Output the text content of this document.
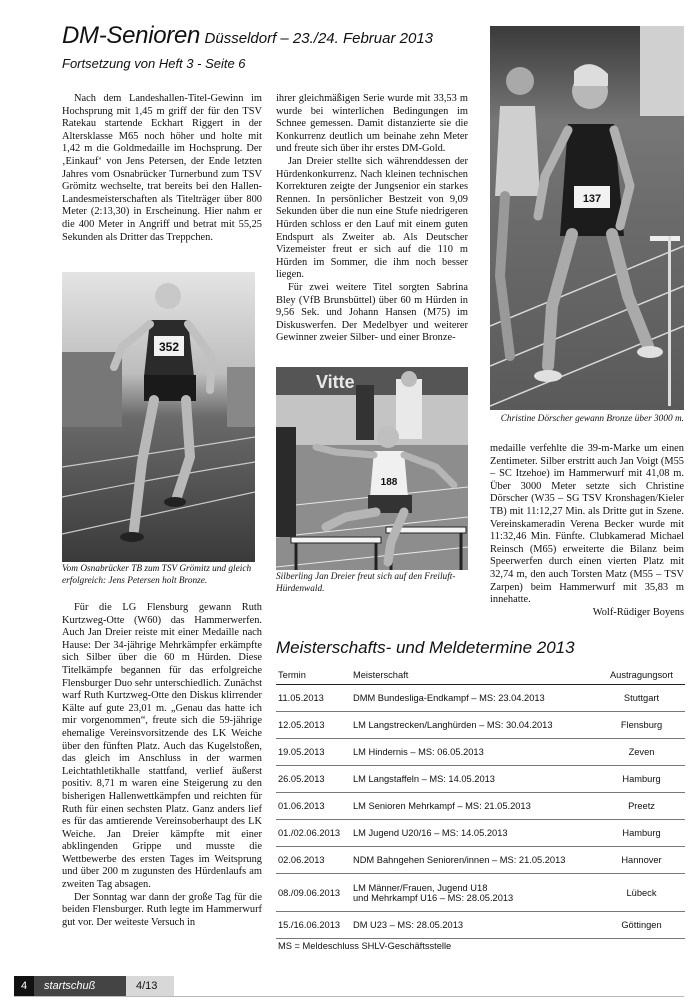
DM-Senioren Düsseldorf – 23./24. Februar 2013
Fortsetzung von Heft 3 - Seite 6

Nach dem Landeshallen-Titel-Gewinn im Hochsprung mit 1,45 m griff der für den TSV Ratekau startende Eckhart Riggert in der Altersklasse M65 noch höher und holte mit 1,42 m die Goldmedaille im Hochsprung. Der ‚Einkauf‘ von Jens Petersen, der Ende letzten Jahres vom Osnabrücker Turnerbund zum TSV Grömitz wechselte, trat bereits bei den Hallen-Landesmeisterschaften als Titelträger über 800 Meter (2:13,30) in Erscheinung. Hier nahm er die 400 Meter in Angriff und betrat mit 55,25 Sekunden als Dritter das Treppchen.

352
Vom Osnabrücker TB zum TSV Grömitz und gleich erfolgreich: Jens Petersen holt Bronze.

Für die LG Flensburg gewann Ruth Kurtzweg-Otte (W60) das Hammerwerfen. Auch Jan Dreier reiste mit einer Medaille nach Hause: Der 34-jährige Mehrkämpfer erkämpfte sich Silber über die 60 m Hürden. Diese Titelkämpfe begannen für das erfolgreiche Flensburger Duo sehr unterschiedlich. Zunächst warf Ruth Kurtzweg-Otte den Diskus klirrender Kälte auf gute 23,01 m. „Genau das hatte ich mir vorgenommen“, freute sich die 59-jährige ehemalige Vereinsvorsitzende des LK Weiche über den fünften Platz. Auch das Kugelstoßen, das gleich im Anschluss in der warmen Leichtathletikhalle stattfand, verlief äußerst positiv. 8,71 m waren eine Steigerung zu den bisherigen Hallenwettkämpfen und reichten für Ruth für einen sechsten Platz. Ganz anders lief es für das amtierende Vereinsoberhaupt des LK Weiche. Jan Dreier kämpfte mit einer abklingenden Grippe und musste die Wettbewerbe des ersten Tages im Weitsprung und über 200 m zugunsten des Hürdenlaufs am zweiten Tag absagen.

Der Sonntag war dann der große Tag für die beiden Flensburger. Ruth legte im Hammerwurf gut vor. Der weiteste Versuch in

ihrer gleichmäßigen Serie wurde mit 33,53 m wurde bei winterlichen Bedingungen im Schnee gemessen. Damit distanzierte sie die Konkurrenz deutlich um beinahe zehn Meter und freute sich über ihr erstes DM-Gold.

Jan Dreier stellte sich währenddessen der Hürdenkonkurrenz. Nach kleinen technischen Korrekturen zeigte der Jungsenior ein starkes Rennen. In persönlicher Bestzeit von 9,09 Sekunden über die nun eine Stufe niedrigeren Hürden schloss er den Lauf mit einem guten Endspurt als Zweiter ab. Als Deutscher Vizemeister freut er sich auf die 110 m Hürden im Sommer, die ihm noch besser liegen.

Für zwei weitere Titel sorgten Sabrina Bley (VfB Brunsbüttel) über 60 m Hürden in 9,56 Sek. und Johann Hansen (M75) im Diskuswerfen. Der Medelbyer und weiterer Gewinner zweier Silber- und einer Bronze-

Vitte
188
Silberling Jan Dreier freut sich auf den Freiluft-Hürdenwald.
137
Christine Dörscher gewann Bronze über 3000 m.

medaille verfehlte die 39-m-Marke um einen Zentimeter. Silber erstritt auch Jan Voigt (M55 – SC Itzehoe) im Hammerwurf mit 41,08 m. Über 3000 Meter setzte sich Christine Dörscher (W35 – SG TSV Kronshagen/Kieler TB) mit 11:12,27 Min. als Dritte gut in Szene. Vereinskameradin Verena Becker wurde mit 11:32,46 Min. Fünfte. Clubkamerad Michael Reinsch (M65) erweiterte die Bilanz beim Speerwerfen durch einen vierten Platz mit 32,74 m, den auch Torsten Matz (M55 – TSV Zarpen) beim Hammerwurf mit 35,83 m innehatte.

Wolf-Rüdiger Boyens

Meisterschafts- und Meldetermine 2013
Termin	Meisterschaft	Austragungsort
11.05.2013	DMM Bundesliga-Endkampf – MS: 23.04.2013	Stuttgart
12.05.2013	LM Langstrecken/Langhürden – MS: 30.04.2013	Flensburg
19.05.2013	LM Hindernis – MS: 06.05.2013	Zeven
26.05.2013	LM Langstaffeln – MS: 14.05.2013	Hamburg
01.06.2013	LM Senioren Mehrkampf – MS: 21.05.2013	Preetz
01./02.06.2013	LM Jugend U20/16 – MS: 14.05.2013	Hamburg
02.06.2013	NDM Bahngehen Senioren/innen – MS: 21.05.2013	Hannover
08./09.06.2013	LM Männer/Frauen, Jugend U18
und Mehrkampf U16 – MS: 28.05.2013	Lübeck
15./16.06.2013	DM U23 – MS: 28.05.2013	Göttingen
MS = Meldeschluss SHLV-Geschäftsstelle
4	startschuß	4/13
